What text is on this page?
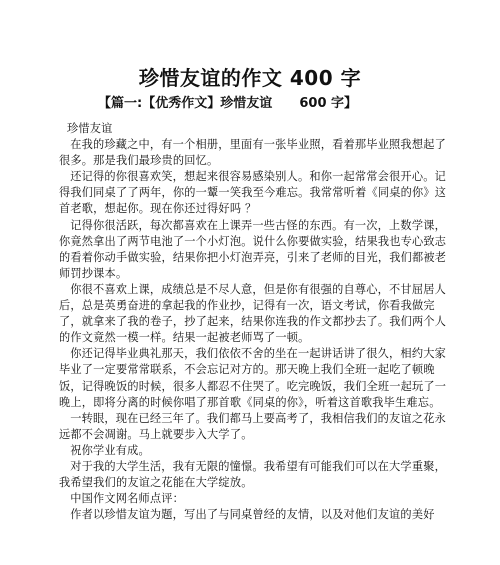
珍惜友谊的作文 400 字
【篇一:【优秀作文】珍惜友谊      600 字】

珍惜友谊

在我的珍藏之中，有一个相册，里面有一张毕业照，看着那毕业照我想起了很多。那是我们最珍贵的回忆。

还记得的你很喜欢笑，想起来很容易感染别人。和你一起常常会很开心。记得我们同桌了了两年，你的一颦一笑我至今难忘。我常常听着《同桌的你》这首老歌，想起你。现在你还过得好吗 ？

记得你很活跃，每次都喜欢在上课弄一些古怪的东西。有一次，上数学课，你竟然拿出了两节电池了一个小灯泡。说什么你要做实验，结果我也专心致志的看着你动手做实验，结果你把小灯泡弄亮，引来了老师的目光，我们都被老师罚抄课本。

你很不喜欢上课，成绩总是不尽人意，但是你有很强的自尊心，不甘屈居人后，总是英勇奋进的拿起我的作业抄，记得有一次，语文考试，你看我做完了，就拿来了我的卷子，抄了起来，结果你连我的作文都抄去了。我们两个人的作文竟然一模一样。结果一起被老师骂了一顿。

你还记得毕业典礼那天，我们依依不舍的坐在一起讲话讲了很久，相约大家毕业了一定要常常联系，不会忘记对方的。那天晚上我们全班一起吃了顿晚饭，记得晚饭的时候，很多人都忍不住哭了。吃完晚饭，我们全班一起玩了一晚上，即将分离的时候你唱了那首歌《同桌的你》，听着这首歌我毕生难忘。

一转眼，现在已经三年了。我们都马上要高考了，我相信我们的友谊之花永远都不会凋谢。马上就要步入大学了。

祝你学业有成。

对于我的大学生活，我有无限的憧憬。我希望有可能我们可以在大学重聚，我希望我们的友谊之花能在大学绽放。

中国作文网名师点评：

作者以珍惜友谊为题，写出了与同桌曾经的友情，以及对他们友谊的美好
